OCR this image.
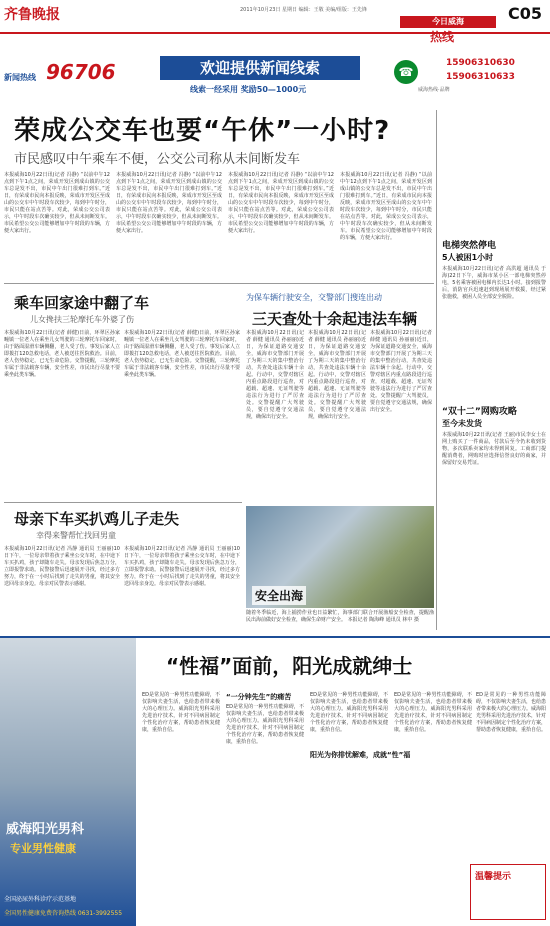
齐鲁晚报	2011年10月23日 星期日 编辑：王敬 美编/组版：王先锋
今日威海
热线
C05
新闻热线 96706	欢迎提供新闻线索
线索一经采用 奖励50—1000元
☎
威海热线·品牌
15906310630
15906310633
荣成公交车也要“午休”一小时?
市民感叹中午乘车不便，公交公司称从未间断发车
本报威海10月22日讯(记者 冯静) “以前中午12点到下午1点之间，荣成开发区到成山镇的公交车总是发不出，市民中午出门很难打到车。”近日，有荣成市民向本报反映，荣成市开发区至成山的公交车中午时段车次较少，每到中午时分，市民只能在站点苦等。对此，荣成公交公司表示，中午时段车次确实较少，但从未间断发车。市民希望公交公司能够增加中午时段的车辆，方便大家出行。
本报威海10月22日讯(记者 冯静) “以前中午12点到下午1点之间，荣成开发区到成山镇的公交车总是发不出，市民中午出门很难打到车。”近日，有荣成市民向本报反映，荣成市开发区至成山的公交车中午时段车次较少，每到中午时分，市民只能在站点苦等。对此，荣成公交公司表示，中午时段车次确实较少，但从未间断发车。市民希望公交公司能够增加中午时段的车辆，方便大家出行。
本报威海10月22日讯(记者 冯静) “以前中午12点到下午1点之间，荣成开发区到成山镇的公交车总是发不出，市民中午出门很难打到车。”近日，有荣成市民向本报反映，荣成市开发区至成山的公交车中午时段车次较少，每到中午时分，市民只能在站点苦等。对此，荣成公交公司表示，中午时段车次确实较少，但从未间断发车。市民希望公交公司能够增加中午时段的车辆，方便大家出行。
本报威海10月22日讯(记者 冯静) “以前中午12点到下午1点之间，荣成开发区到成山镇的公交车总是发不出，市民中午出门很难打到车。”近日，有荣成市民向本报反映，荣成市开发区至成山的公交车中午时段车次较少，每到中午时分，市民只能在站点苦等。对此，荣成公交公司表示，中午时段车次确实较少，但从未间断发车。市民希望公交公司能够增加中午时段的车辆，方便大家出行。
乘车回家途中翻了车
儿女搀扶三轮摩托车外婆了伤
本报威海10月22日讯(记者 薛健)日前，环翠区孙家疃镇一位老人在乘坐儿女驾驶的三轮摩托车回家时，由于路面湿滑车辆侧翻，老人受了伤。事发后家人立即拨打120急救电话，老人被送往医院救治。目前，老人伤势稳定，已无生命危险。交警提醒，三轮摩托车属于非法载客车辆，安全性差，市民出行尽量不要乘坐此类车辆。
本报威海10月22日讯(记者 薛健)日前，环翠区孙家疃镇一位老人在乘坐儿女驾驶的三轮摩托车回家时，由于路面湿滑车辆侧翻，老人受了伤。事发后家人立即拨打120急救电话，老人被送往医院救治。目前，老人伤势稳定，已无生命危险。交警提醒，三轮摩托车属于非法载客车辆，安全性差，市民出行尽量不要乘坐此类车辆。
为保车辆行驶安全，交警部门搜连出动
三天查处十余起违法车辆
本报威海10月22日讯(记者 薛健 通讯员 孙丽丽)近日，为保证道路交通安全，威海市交警部门开展了为期三天的集中整治行动，共查处违法车辆十余起。行动中，交警对辖区内重点路段进行巡查，对超载、超速、无证驾驶等违法行为进行了严厉查处。交警提醒广大驾驶员，要自觉遵守交通法规，确保出行安全。
本报威海10月22日讯(记者 薛健 通讯员 孙丽丽)近日，为保证道路交通安全，威海市交警部门开展了为期三天的集中整治行动，共查处违法车辆十余起。行动中，交警对辖区内重点路段进行巡查，对超载、超速、无证驾驶等违法行为进行了严厉查处。交警提醒广大驾驶员，要自觉遵守交通法规，确保出行安全。
本报威海10月22日讯(记者 薛健 通讯员 孙丽丽)近日，为保证道路交通安全，威海市交警部门开展了为期三天的集中整治行动，共查处违法车辆十余起。行动中，交警对辖区内重点路段进行巡查，对超载、超速、无证驾驶等违法行为进行了严厉查处。交警提醒广大驾驶员，要自觉遵守交通法规，确保出行安全。
母亲下车买扒鸡儿子走失
幸得来警帮忙找回男童
本报威海10月22日讯(记者 冯静 通讯员 王丽丽)10日下午，一位母亲带着孩子乘坐公交车时，在中途下车买扒鸡，孩子却随车走失。母亲发现后焦急万分，立即报警求助。民警接警后迅速展开寻找，经过多方努力，终于在一小时后找到了走失的男童，将其安全送回母亲身边。母亲对民警表示感谢。
本报威海10月22日讯(记者 冯静 通讯员 王丽丽)10日下午，一位母亲带着孩子乘坐公交车时，在中途下车买扒鸡，孩子却随车走失。母亲发现后焦急万分，立即报警求助。民警接警后迅速展开寻找，经过多方努力，终于在一小时后找到了走失的男童，将其安全送回母亲身边。母亲对民警表示感谢。
安全出海
随着冬季临近，海上捕捞作业也日益繁忙，海事部门联合开展渔船安全检查，提醒渔民出海前做好安全检查，确保生命财产安全。 本报记者 陶海峰 通讯员 林中 摄
电梯突然停电
5人被困1小时
本报威海10月22日讯(记者 高洪超 通讯员 于海)22日下午，威海市某小区一部电梯突然停电，5名乘客被困电梯内长达1小时。接到报警后，消防官兵迅速赶到现场展开救援，经过紧张施救，被困人员全部安全脱险。
“双十二”网购攻略
至今未发货
本报威海10月22日讯(记者 王丽)市民李女士在网上购买了一件商品，付款后至今仍未收到货物，多次联系卖家均未得到回复。工商部门提醒消费者，网购时应选择信誉良好的商家，并保留好交易凭证。
威海阳光男科
专业男性健康
全国泌尿外科诊疗示范基地
全国男性健康免费咨询热线 0631-3992555
“性福”面前，阳光成就绅士
ED是常见的一种男性功能障碍，不仅影响夫妻生活，也给患者带来极大的心理压力。威海阳光男科采用先进治疗技术，针对不同病因制定个性化治疗方案，帮助患者恢复健康，重拾自信。
“一分钟先生”的痛苦
ED是常见的一种男性功能障碍，不仅影响夫妻生活，也给患者带来极大的心理压力。威海阳光男科采用先进治疗技术，针对不同病因制定个性化治疗方案，帮助患者恢复健康，重拾自信。
阳光为你排忧解难，成就“性”福
ED是常见的一种男性功能障碍，不仅影响夫妻生活，也给患者带来极大的心理压力。威海阳光男科采用先进治疗技术，针对不同病因制定个性化治疗方案，帮助患者恢复健康，重拾自信。
ED是常见的一种男性功能障碍，不仅影响夫妻生活，也给患者带来极大的心理压力。威海阳光男科采用先进治疗技术，针对不同病因制定个性化治疗方案，帮助患者恢复健康，重拾自信。
ED是常见的一种男性功能障碍，不仅影响夫妻生活，也给患者带来极大的心理压力。威海阳光男科采用先进治疗技术，针对不同病因制定个性化治疗方案，帮助患者恢复健康，重拾自信。
温馨提示
